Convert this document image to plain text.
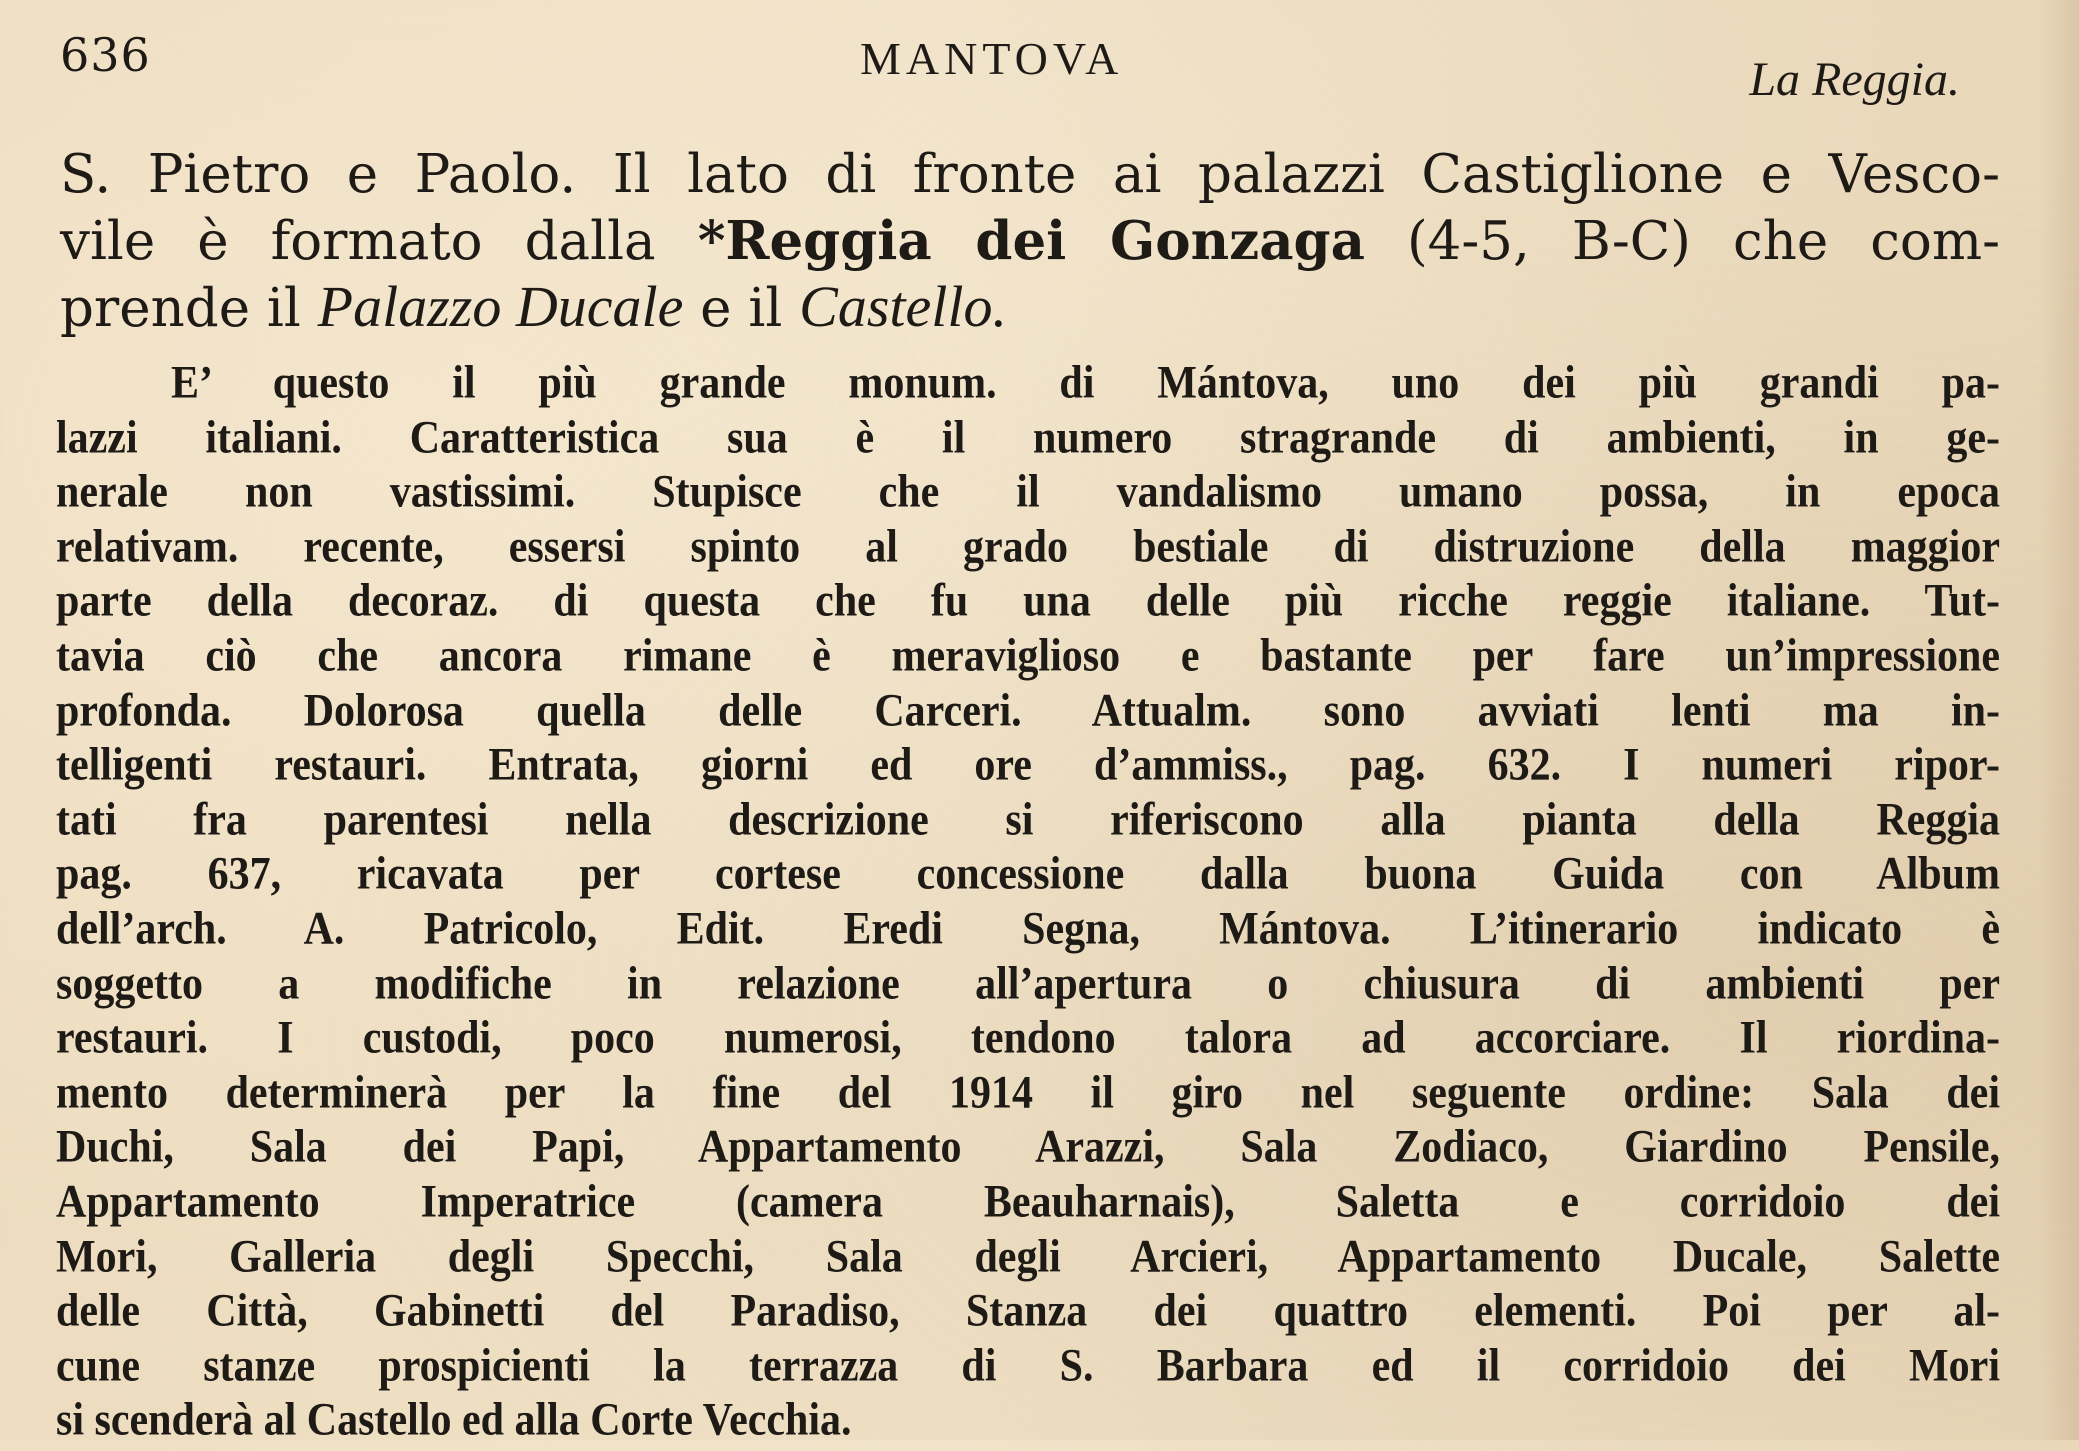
636	MANTOVA	La Reggia.
S. Pietro e Paolo. Il lato di fronte ai palazzi Castiglione e Vesco-
vile è formato dalla *Reggia dei Gonzaga (4-5, B-C) che com-
prende il Palazzo Ducale e il Castello.
E’ questo il più grande monum. di Mántova, uno dei più grandi pa-
lazzi italiani. Caratteristica sua è il numero stragrande di ambienti, in ge-
nerale non vastissimi. Stupisce che il vandalismo umano possa, in epoca
relativam. recente, essersi spinto al grado bestiale di distruzione della maggior
parte della decoraz. di questa che fu una delle più ricche reggie italiane. Tut-
tavia ciò che ancora rimane è meraviglioso e bastante per fare un’impressione
profonda. Dolorosa quella delle Carceri. Attualm. sono avviati lenti ma in-
telligenti restauri. Entrata, giorni ed ore d’ammiss., pag. 632. I numeri ripor-
tati fra parentesi nella descrizione si riferiscono alla pianta della Reggia
pag. 637, ricavata per cortese concessione dalla buona Guida con Album
dell’arch. A. Patricolo, Edit. Eredi Segna, Mántova. L’itinerario indicato è
soggetto a modifiche in relazione all’apertura o chiusura di ambienti per
restauri. I custodi, poco numerosi, tendono talora ad accorciare. Il riordina-
mento determinerà per la fine del 1914 il giro nel seguente ordine: Sala dei
Duchi, Sala dei Papi, Appartamento Arazzi, Sala Zodiaco, Giardino Pensile,
Appartamento Imperatrice (camera Beauharnais), Saletta e corridoio dei
Mori, Galleria degli Specchi, Sala degli Arcieri, Appartamento Ducale, Salette
delle Città, Gabinetti del Paradiso, Stanza dei quattro elementi. Poi per al-
cune stanze prospicienti la terrazza di S. Barbara ed il corridoio dei Mori
si scenderà al Castello ed alla Corte Vecchia.
